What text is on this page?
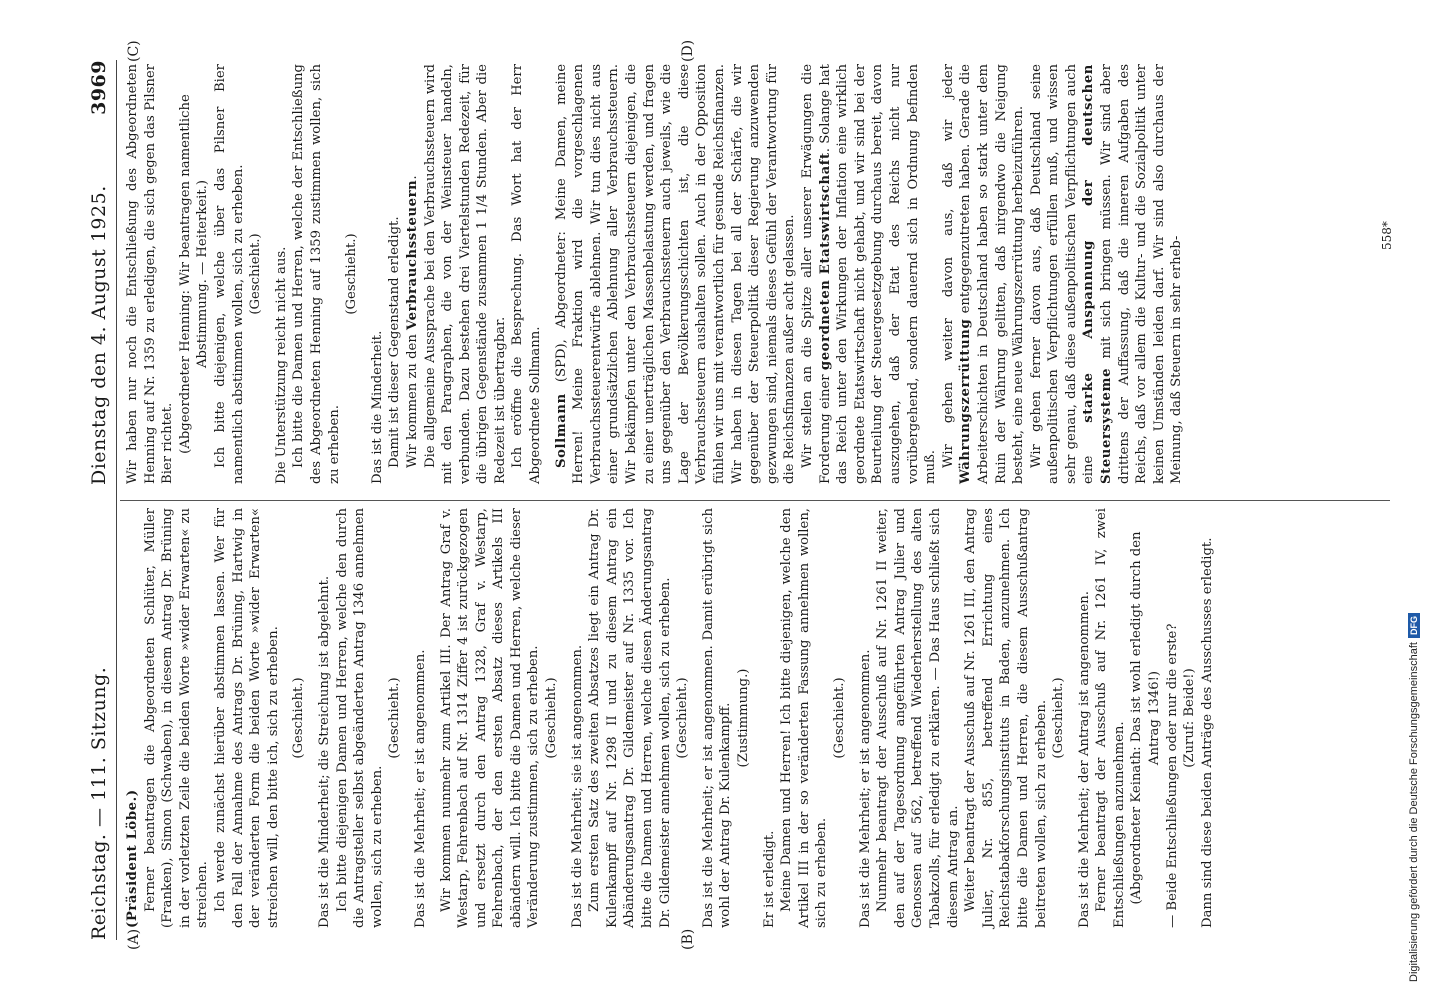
Reichstag. — 111. Sitzung.
Dienstag den 4. August 1925.
3969
(A)	(B)
(C)	(D)

(Präsident Löbe.) Ferner beantragen die Abgeordneten Schlüter, Müller (Franken), Simon (Schwaben), in diesem Antrag Dr. Brüning in der vorletzten Zeile die beiden Worte »wider Erwarten« zu streichen. Ich werde zunächst hierüber abstimmen lassen. Wer für den Fall der Annahme des Antrags Dr. Brüning, Hartwig in der veränderten Form die beiden Worte »wider Erwarten« streichen will, den bitte ich, sich zu erheben. (Geschieht.) Das ist die Minderheit; die Streichung ist abgelehnt. Ich bitte diejenigen Damen und Herren, welche den durch die Antragsteller selbst abgeänderten Antrag 1346 annehmen wollen, sich zu erheben.

(Geschieht.) Das ist die Mehrheit; er ist angenommen. Wir kommen nunmehr zum Artikel III. Der Antrag Graf v. Westarp, Fehrenbach auf Nr. 1314 Ziffer 4 ist zurückgezogen und ersetzt durch den Antrag 1328, Graf v. Westarp, Fehrenbach, der den ersten Absatz dieses Artikels III abändern will. Ich bitte die Damen und Herren, welche dieser Veränderung zustimmen, sich zu erheben. (Geschieht.) Das ist die Mehrheit; sie ist angenommen. Zum ersten Satz des zweiten Absatzes liegt ein Antrag Dr. Kulenkampff auf Nr. 1298 II und zu diesem Antrag ein Abänderungsantrag Dr. Gildemeister auf Nr. 1335 vor. Ich bitte die Damen und Herren, welche diesen Änderungsantrag Dr. Gildemeister annehmen wollen, sich zu erheben. (Geschieht.) Das ist die Mehrheit; er ist angenommen. Damit erübrigt sich wohl der Antrag Dr. Kulenkampff. (Zustimmung.)

Er ist erledigt. Meine Damen und Herren! Ich bitte diejenigen, welche den Artikel III in der so veränderten Fassung annehmen wollen, sich zu erheben.

(Geschieht.) Das ist die Mehrheit; er ist angenommen. Nunmehr beantragt der Ausschuß auf Nr. 1261 II weiter, den auf der Tagesordnung angeführten Antrag Julier und Genossen auf 562, betreffend Wiederherstellung des alten Tabakzolls, für erledigt zu erklären. — Das Haus schließt sich diesem Antrag an. Weiter beantragt der Ausschuß auf Nr. 1261 III, den Antrag Julier, Nr. 855, betreffend Errichtung eines Reichstabakforschungsinstituts in Baden, anzunehmen. Ich bitte die Damen und Herren, die diesem Ausschußantrag beitreten wollen, sich zu erheben. (Geschieht.) Das ist die Mehrheit; der Antrag ist angenommen. Ferner beantragt der Ausschuß auf Nr. 1261 IV, zwei Entschließungen anzunehmen. (Abgeordneter Keinath: Das ist wohl erledigt durch den Antrag 1346!) — Beide Entschließungen oder nur die erste? (Zuruf: Beide!) Dann sind diese beiden Anträge des Ausschusses erledigt.

Wir haben nur noch die Entschließung des Abgeordneten Henning auf Nr. 1359 zu erledigen, die sich gegen das Pilsner Bier richtet. (Abgeordneter Henning: Wir beantragen namentliche Abstimmung. — Heiterkeit.) Ich bitte diejenigen, welche über das Pilsner Bier namentlich abstimmen wollen, sich zu erheben. (Geschieht.) Die Unterstützung reicht nicht aus. Ich bitte die Damen und Herren, welche der Entschließung des Abgeordneten Henning auf 1359 zustimmen wollen, sich zu erheben.

(Geschieht.)

Das ist die Minderheit. Damit ist dieser Gegenstand erledigt. Wir kommen zu den Verbrauchssteuern. Die allgemeine Aussprache bei den Verbrauchssteuern wird mit den Paragraphen, die von der Weinsteuer handeln, verbunden. Dazu bestehen drei Viertelstunden Redezeit, für die übrigen Gegenstände zusammen 1 1/4 Stunden. Aber die Redezeit ist übertragbar. Ich eröffne die Besprechung. Das Wort hat der Herr Abgeordnete Sollmann. Sollmann (SPD), Abgeordneter: Meine Damen, meine Herren! Meine Fraktion wird die vorgeschlagenen Verbrauchssteuerentwürfe ablehnen. Wir tun dies nicht aus einer grundsätzlichen Ablehnung aller Verbrauchssteuern. Wir bekämpfen unter den Verbrauchssteuern diejenigen, die zu einer unerträglichen Massenbelastung werden, und fragen uns gegenüber den Verbrauchssteuern auch jeweils, wie die Lage der Bevölkerungsschichten ist, die diese Verbrauchssteuern aushalten sollen. Auch in der Opposition fühlen wir uns mit verantwortlich für gesunde Reichsfinanzen. Wir haben in diesen Tagen bei all der Schärfe, die wir gegenüber der Steuerpolitik dieser Regierung anzuwenden gezwungen sind, niemals dieses Gefühl der Verantwortung für die Reichsfinanzen außer acht gelassen. Wir stellen an die Spitze aller unserer Erwägungen die Forderung einer geordneten Etatswirtschaft. Solange hat das Reich unter den Wirkungen der Inflation eine wirklich geordnete Etatswirtschaft nicht gehabt, und wir sind bei der Beurteilung der Steuergesetzgebung durchaus bereit, davon auszugehen, daß der Etat des Reichs nicht nur vorübergehend, sondern dauernd sich in Ordnung befinden muß. Wir gehen weiter davon aus, daß wir jeder Währungszerrüttung entgegenzutreten haben. Gerade die Arbeiterschichten in Deutschland haben so stark unter dem Ruin der Währung gelitten, daß nirgendwo die Neigung besteht, eine neue Währungszerrüttung herbeizuführen. Wir gehen ferner davon aus, daß Deutschland seine außenpolitischen Verpflichtungen erfüllen muß, und wissen sehr genau, daß diese außenpolitischen Verpflichtungen auch eine starke Anspannung der deutschen Steuersysteme mit sich bringen müssen. Wir sind aber drittens der Auffassung, daß die inneren Aufgaben des Reichs, daß vor allem die Kultur- und die Sozialpolitik unter keinen Umständen leiden darf. Wir sind also durchaus der Meinung, daß Steuern in sehr erheb-

558*
Digitalisierung gefördert durch die Deutsche Forschungsgemeinschaft
DFG
